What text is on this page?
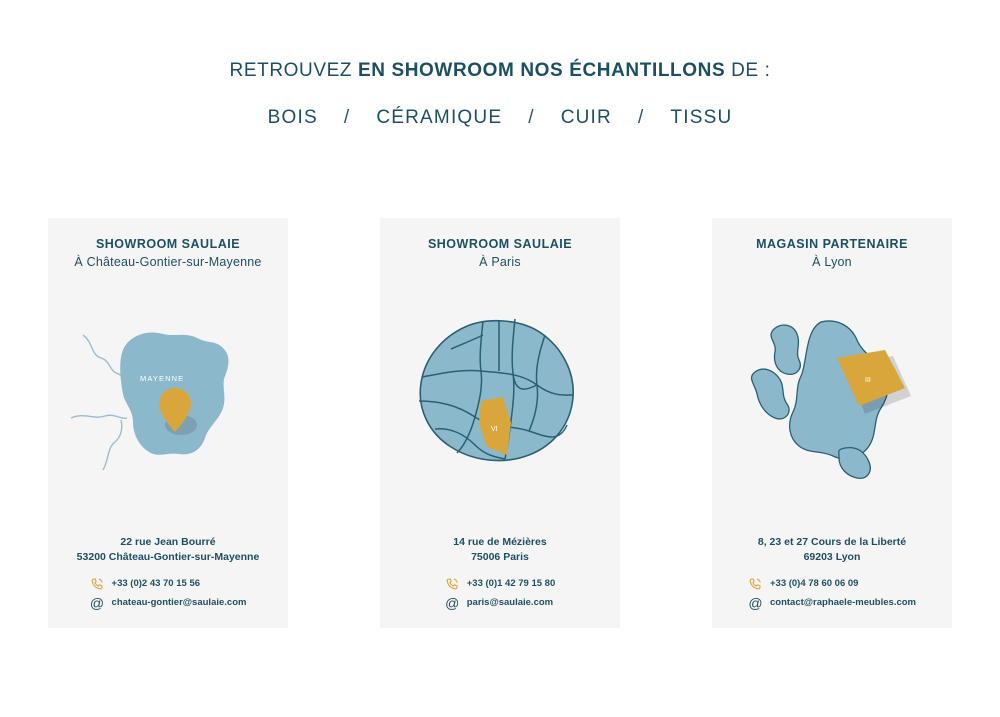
RETROUVEZ EN SHOWROOM NOS ÉCHANTILLONS DE :
BOIS	/	CÉRAMIQUE	/	CUIR	/	TISSU
SHOWROOM SAULAIE
À Château-Gontier-sur-Mayenne
MAYENNE
22 rue Jean Bourré
53200 Château-Gontier-sur-Mayenne
+33 (0)2 43 70 15 56
@ chateau-gontier@saulaie.com
SHOWROOM SAULAIE
À Paris
VI
14 rue de Mézières
75006 Paris
+33 (0)1 42 79 15 80
@ paris@saulaie.com
MAGASIN PARTENAIRE
À Lyon
III
8, 23 et 27 Cours de la Liberté
69203 Lyon
+33 (0)4 78 60 06 09
@ contact@raphaele-meubles.com
